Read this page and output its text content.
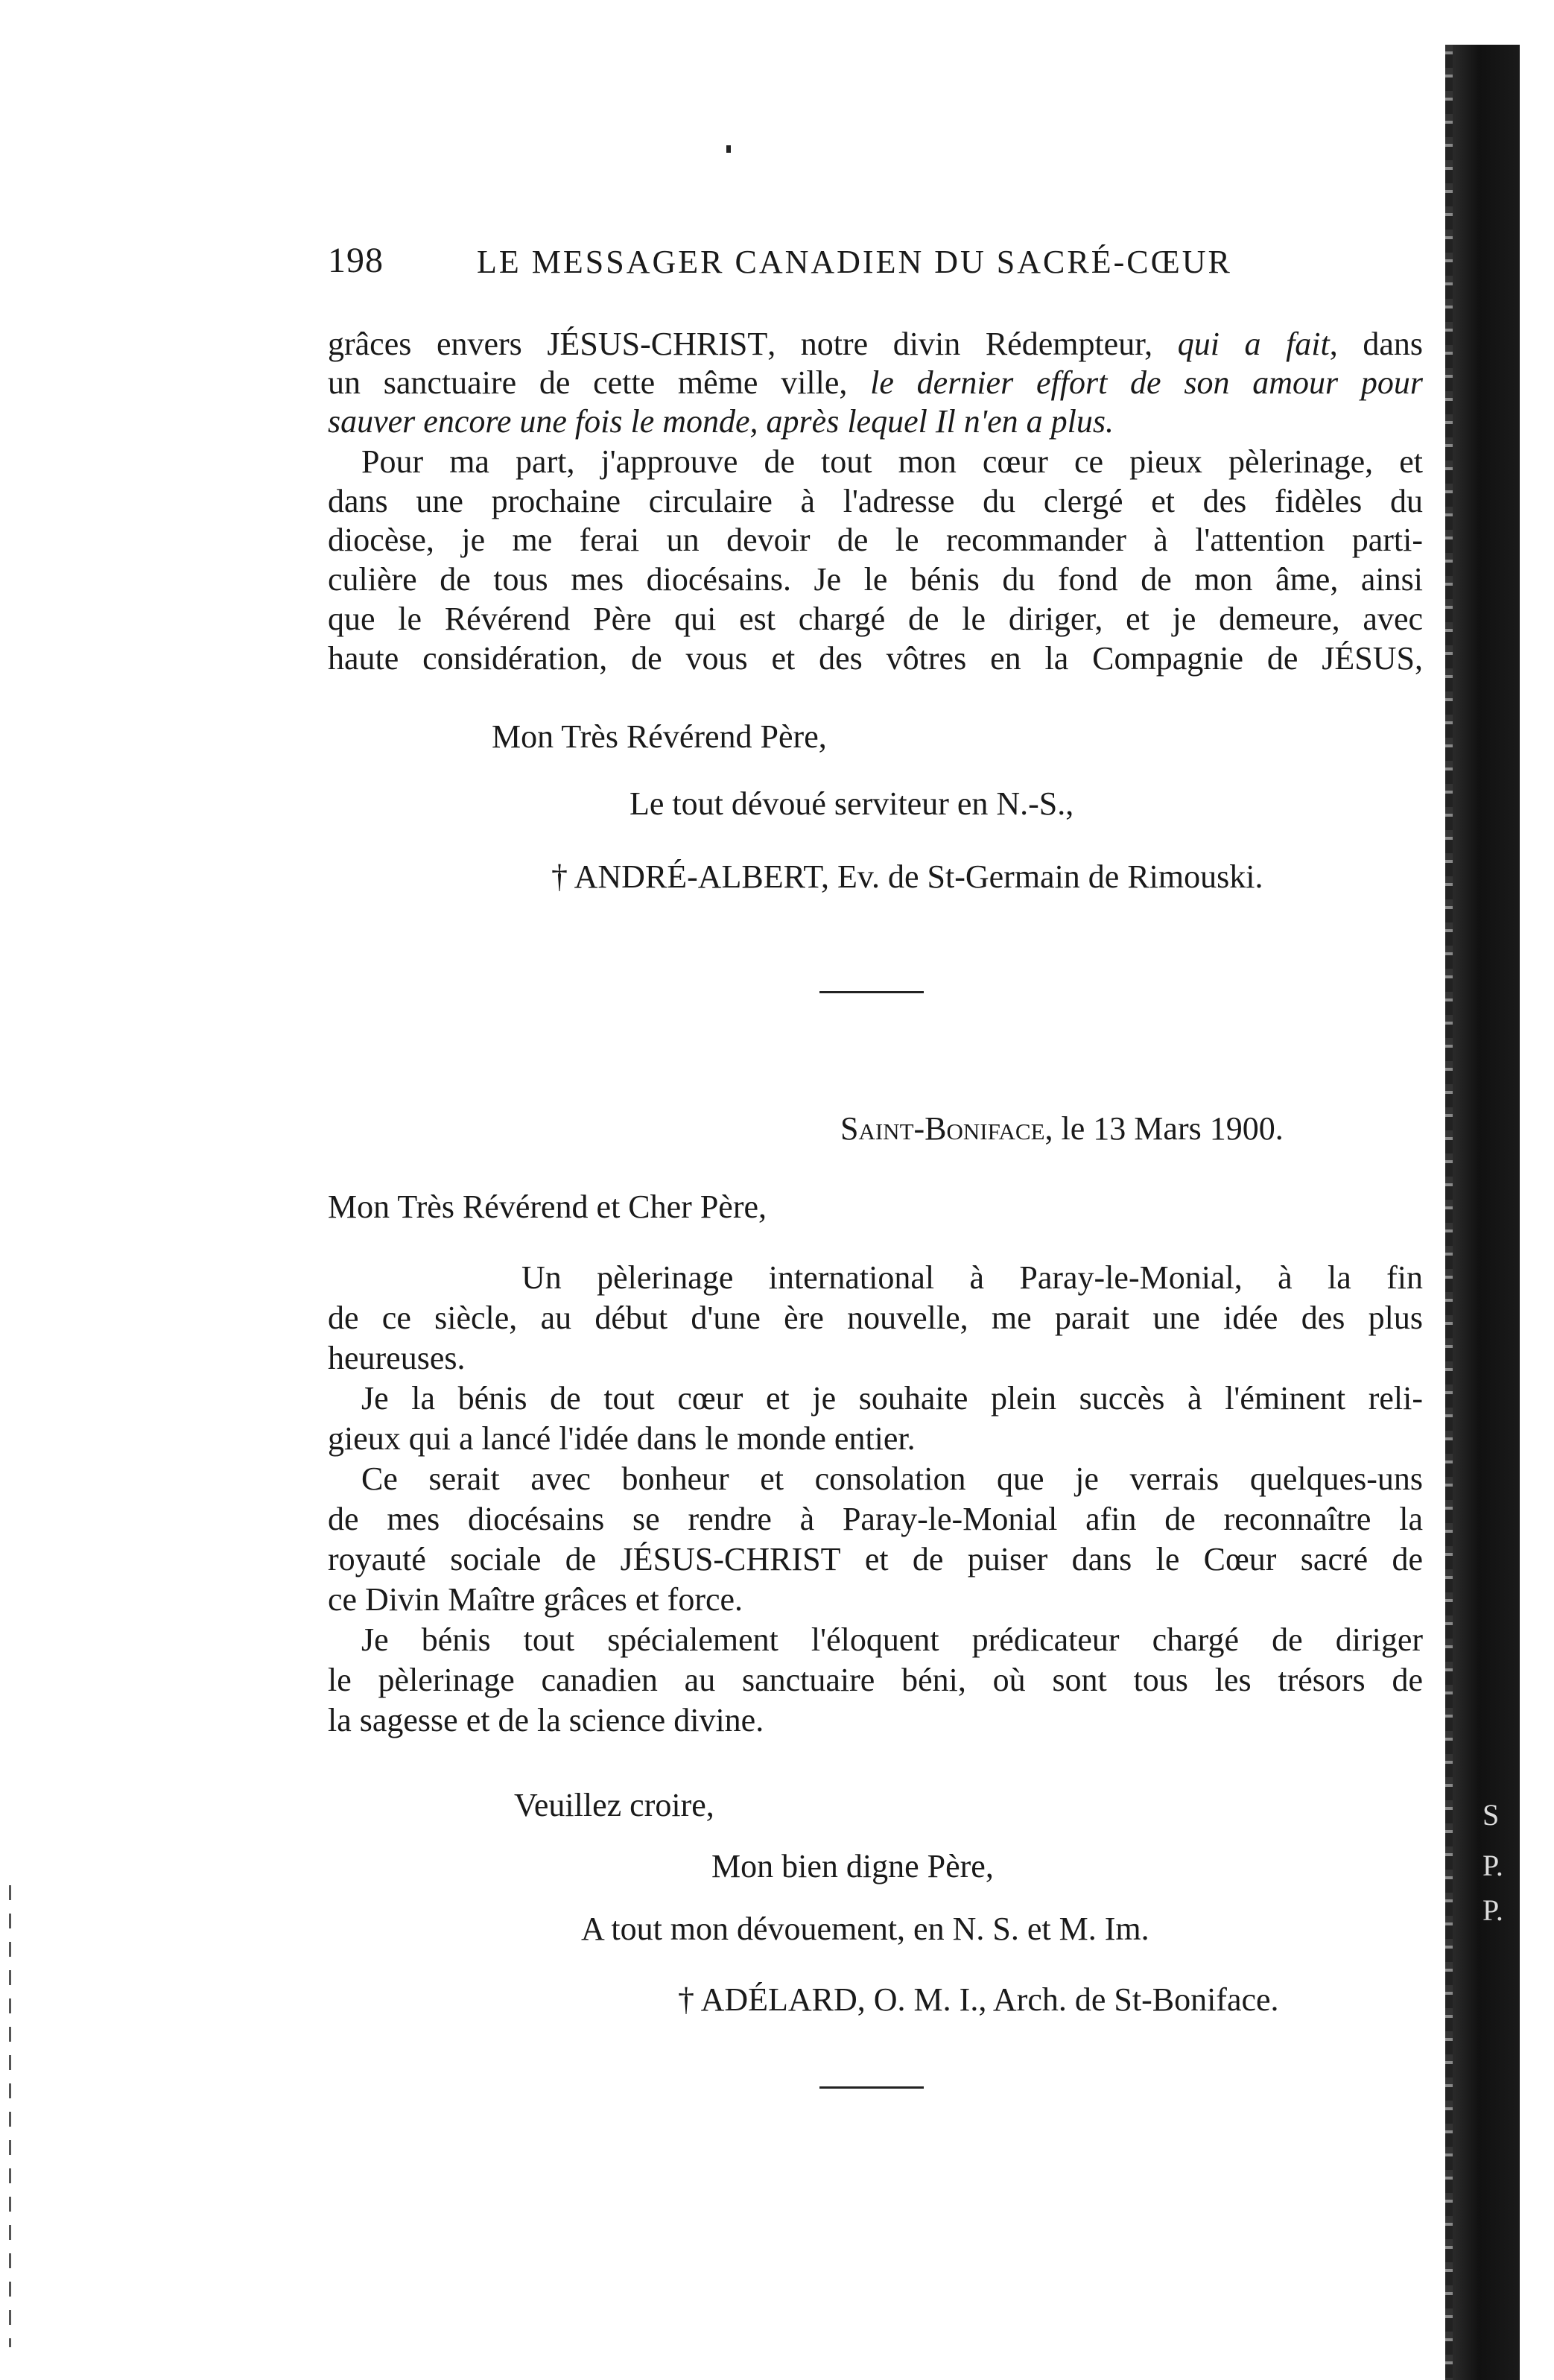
198	LE MESSAGER CANADIEN DU SACRÉ-CŒUR
grâces envers JÉSUS-CHRIST, notre divin Rédempteur, qui a fait, dans
un sanctuaire de cette même ville, le dernier effort de son amour pour
sauver encore une fois le monde, après lequel Il n'en a plus.
Pour ma part, j'approuve de tout mon cœur ce pieux pèlerinage, et
dans une prochaine circulaire à l'adresse du clergé et des fidèles du
diocèse, je me ferai un devoir de le recommander à l'attention parti-
culière de tous mes diocésains. Je le bénis du fond de mon âme, ainsi
que le Révérend Père qui est chargé de le diriger, et je demeure, avec
haute considération, de vous et des vôtres en la Compagnie de JÉSUS,
Mon Très Révérend Père,
Le tout dévoué serviteur en N.-S.,
† ANDRÉ-ALBERT, Ev. de St-Germain de Rimouski.
Saint-Boniface, le 13 Mars 1900.
Mon Très Révérend et Cher Père,
Un pèlerinage international à Paray-le-Monial, à la fin
de ce siècle, au début d'une ère nouvelle, me parait une idée des plus
heureuses.
Je la bénis de tout cœur et je souhaite plein succès à l'éminent reli-
gieux qui a lancé l'idée dans le monde entier.
Ce serait avec bonheur et consolation que je verrais quelques-uns
de mes diocésains se rendre à Paray-le-Monial afin de reconnaître la
royauté sociale de JÉSUS-CHRIST et de puiser dans le Cœur sacré de
ce Divin Maître grâces et force.
Je bénis tout spécialement l'éloquent prédicateur chargé de diriger
le pèlerinage canadien au sanctuaire béni, où sont tous les trésors de
la sagesse et de la science divine.
Veuillez croire,
Mon bien digne Père,
A tout mon dévouement, en N. S. et M. Im.
† ADÉLARD, O. M. I., Arch. de St-Boniface.
S
P.
P.
